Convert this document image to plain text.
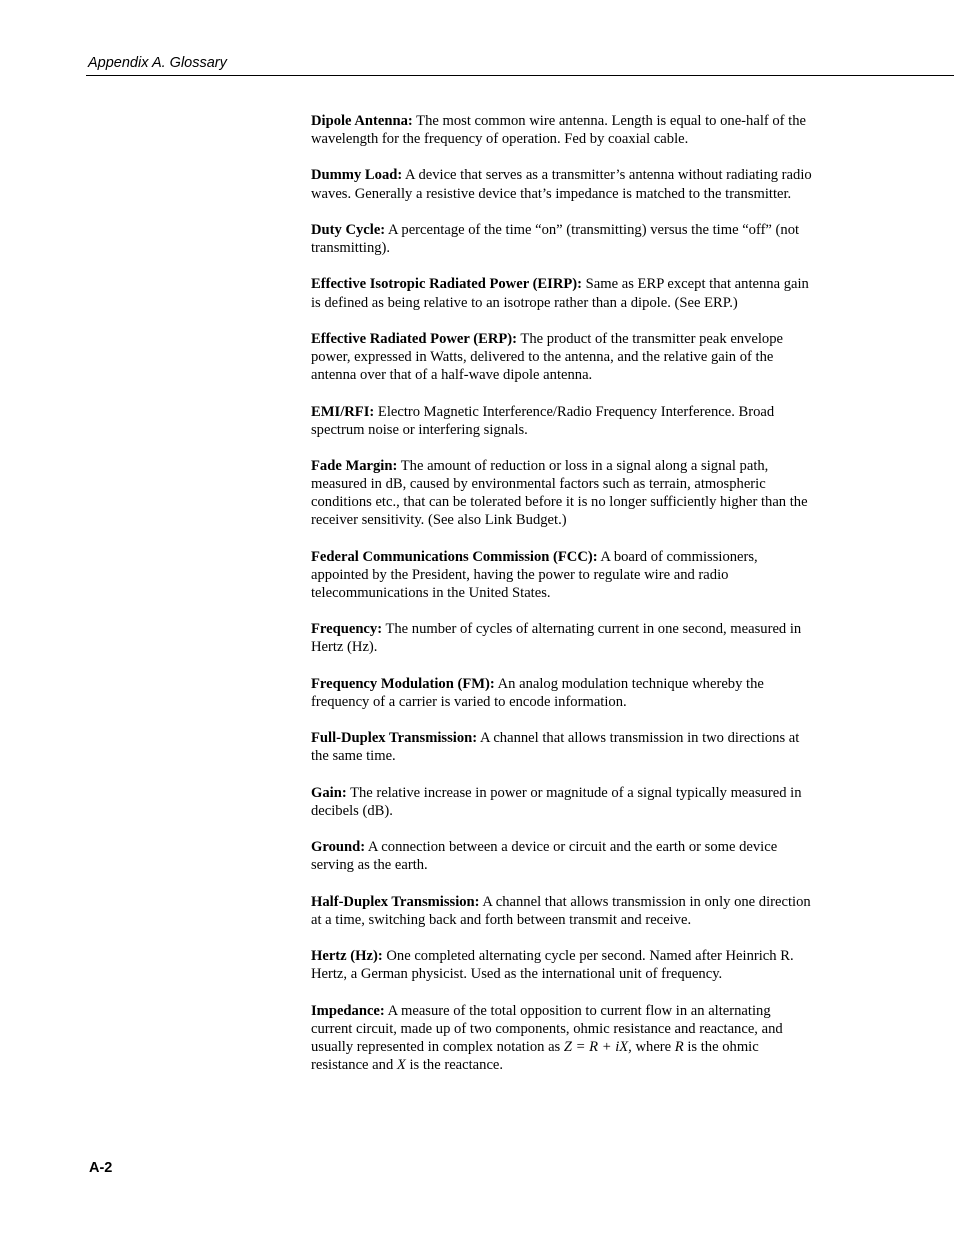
Appendix A. Glossary

Dipole Antenna: The most common wire antenna. Length is equal to one-half of the wavelength for the frequency of operation. Fed by coaxial cable.

Dummy Load: A device that serves as a transmitter’s antenna without radiating radio waves. Generally a resistive device that’s impedance is matched to the transmitter.

Duty Cycle: A percentage of the time “on” (transmitting) versus the time “off” (not transmitting).

Effective Isotropic Radiated Power (EIRP): Same as ERP except that antenna gain is defined as being relative to an isotrope rather than a dipole. (See ERP.)

Effective Radiated Power (ERP): The product of the transmitter peak envelope power, expressed in Watts, delivered to the antenna, and the relative gain of the antenna over that of a half-wave dipole antenna.

EMI/RFI: Electro Magnetic Interference/Radio Frequency Interference. Broad spectrum noise or interfering signals.

Fade Margin: The amount of reduction or loss in a signal along a signal path, measured in dB, caused by environmental factors such as terrain, atmospheric conditions etc., that can be tolerated before it is no longer sufficiently higher than the receiver sensitivity. (See also Link Budget.)

Federal Communications Commission (FCC): A board of commissioners, appointed by the President, having the power to regulate wire and radio telecommunications in the United States.

Frequency: The number of cycles of alternating current in one second, measured in Hertz (Hz).

Frequency Modulation (FM): An analog modulation technique whereby the frequency of a carrier is varied to encode information.

Full-Duplex Transmission: A channel that allows transmission in two directions at the same time.

Gain: The relative increase in power or magnitude of a signal typically measured in decibels (dB).

Ground: A connection between a device or circuit and the earth or some device serving as the earth.

Half-Duplex Transmission: A channel that allows transmission in only one direction at a time, switching back and forth between transmit and receive.

Hertz (Hz): One completed alternating cycle per second. Named after Heinrich R. Hertz, a German physicist. Used as the international unit of frequency.

Impedance: A measure of the total opposition to current flow in an alternating current circuit, made up of two components, ohmic resistance and reactance, and usually represented in complex notation as Z = R + iX, where R is the ohmic resistance and X is the reactance.

A-2
